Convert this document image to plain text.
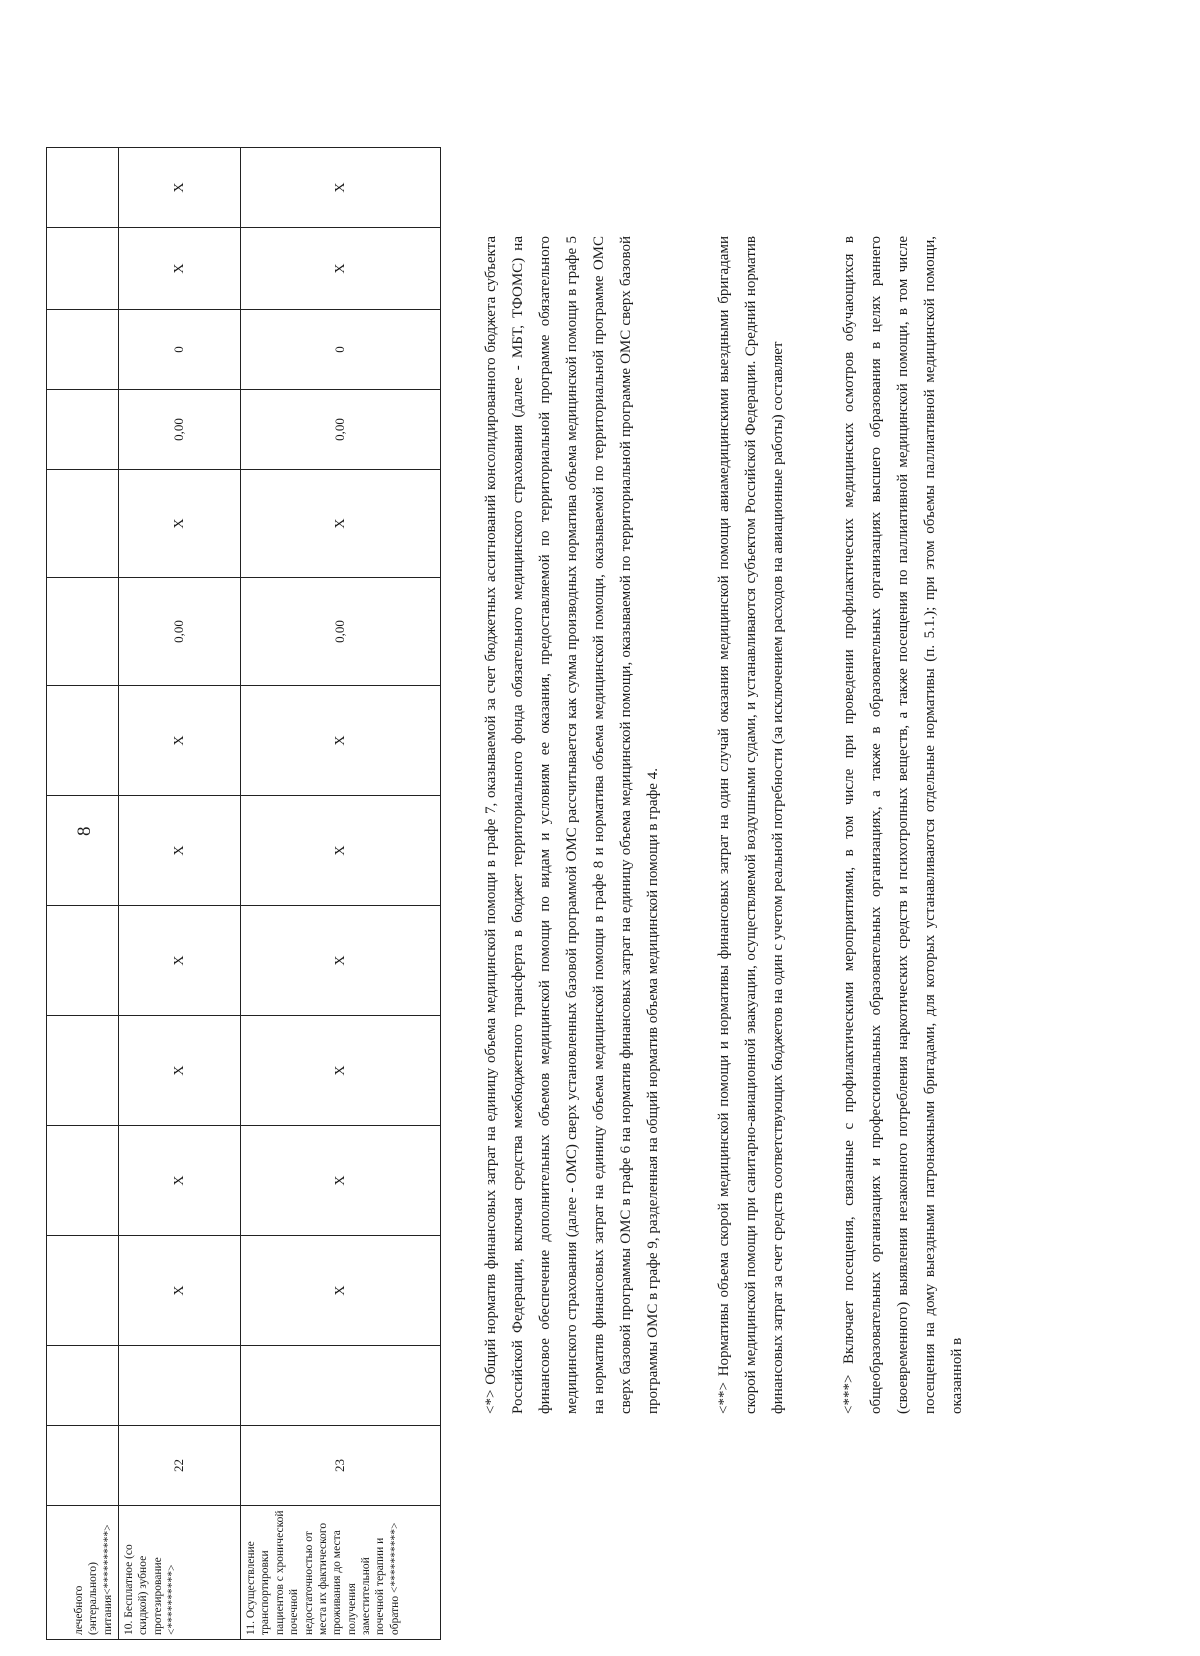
8
лечебного (энтерального) питания<**********>														
10. Бесплатное (со скидкой) зубное протезирование <**********>	22		X	X	X	X	X	X	0,00	X	0,00	0	X	X
11. Осуществление транспортировки пациентов с хронической почечной недостаточностью от места их фактического проживания до места получения заместительной почечной терапии и обратно <**********>	23		X	X	X	X	X	X	0,00	X	0,00	0	X	X

<*> Общий норматив финансовых затрат на единицу объема медицинской помощи в графе 7, оказываемой за счет бюджетных ассигнований консолидированного бюджета субъекта Российской Федерации, включая средства межбюджетного трансферта в бюджет территориального фонда обязательного медицинского страхования (далее - МБТ, ТФОМС) на финансовое обеспечение дополнительных объемов медицинской помощи по видам и условиям ее оказания, предоставляемой по территориальной программе обязательного медицинского страхования (далее - ОМС) сверх установленных базовой программой ОМС рассчитывается как сумма производных норматива объема медицинской помощи в графе 5 на норматив финансовых затрат на единицу объема медицинской помощи в графе 8 и норматива объема медицинской помощи, оказываемой по территориальной программе ОМС сверх базовой программы ОМС в графе 6 на норматив финансовых затрат на единицу объема медицинской помощи, оказываемой по территориальной программе ОМС сверх базовой программы ОМС в графе 9, разделенная на общий норматив объема медицинской помощи в графе 4.	<**> Нормативы объема скорой медицинской помощи и нормативы финансовых затрат на один случай оказания медицинской помощи авиамедицинскими выездными бригадами скорой медицинской помощи при санитарно-авиационной эвакуации, осуществляемой воздушными судами, и устанавливаются субъектом Российской Федерации. Средний норматив финансовых затрат за счет средств соответствующих бюджетов на один с учетом реальной потребности (за исключением расходов на авиационные работы) составляет	<***> Включает посещения, связанные с профилактическими мероприятиями, в том числе при проведении профилактических медицинских осмотров обучающихся в общеобразовательных организациях и профессиональных образовательных организациях, а также в образовательных организациях высшего образования в целях раннего (своевременного) выявления незаконного потребления наркотических средств и психотропных веществ, а также посещения по паллиативной медицинской помощи, в том числе посещения на дому выездными патронажными бригадами, для которых устанавливаются отдельные нормативы (п. 5.1.); при этом объемы паллиативной медицинской помощи, оказанной в
